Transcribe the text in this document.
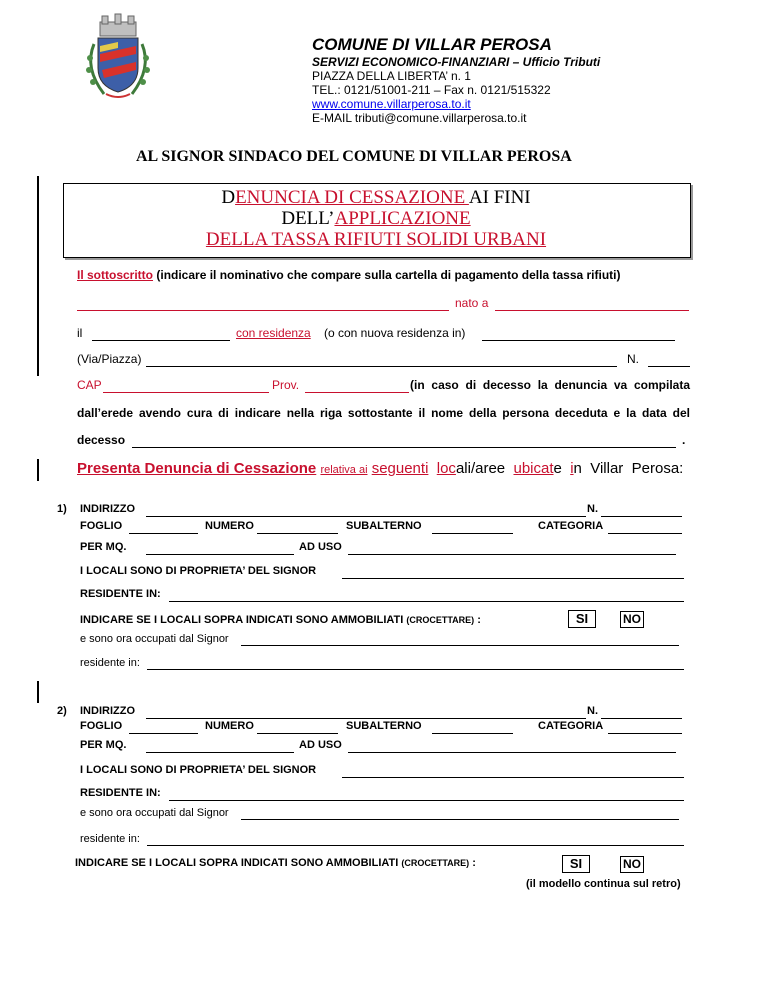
COMUNE DI VILLAR PEROSA
SERVIZI ECONOMICO-FINANZIARI – Ufficio Tributi
PIAZZA DELLA LIBERTA’ n. 1
TEL.: 0121/51001-211 – Fax n. 0121/515322
www.comune.villarperosa.to.it
E-MAIL tributi@comune.villarperosa.to.it
AL SIGNOR SINDACO DEL COMUNE DI VILLAR PEROSA
DENUNCIA DI CESSAZIONE AI FINI
DELL’APPLICAZIONE
DELLA TASSA RIFIUTI SOLIDI URBANI
Il sottoscritto (indicare il nominativo che compare sulla cartella di pagamento della tassa rifiuti)
nato a
il	con residenza (o con nuova residenza in)
(Via/Piazza)	N.
CAP	Prov.	(in caso di decesso la denuncia va compilata
dall’erede avendo cura di indicare nella riga sottostante il nome della persona deceduta e la data del
decesso	.
Presenta Denuncia di Cessazione relativa ai seguenti locali/aree ubicate in Villar Perosa:
1) INDIRIZZO	N.
FOGLIO	NUMERO	SUBALTERNO	CATEGORIA
PER MQ.	AD USO
I LOCALI SONO DI PROPRIETA’ DEL SIGNOR
RESIDENTE IN:
INDICARE SE I LOCALI SOPRA INDICATI SONO AMMOBILIATI (CROCETTARE) :	SI	NO
e sono ora occupati dal Signor
residente in:
2) INDIRIZZO	N.
FOGLIO	NUMERO	SUBALTERNO	CATEGORIA
PER MQ.	AD USO
I LOCALI SONO DI PROPRIETA’ DEL SIGNOR
RESIDENTE IN:
e sono ora occupati dal Signor
residente in:
INDICARE SE I LOCALI SOPRA INDICATI SONO AMMOBILIATI (CROCETTARE) :	SI	NO
(il modello continua sul retro)
